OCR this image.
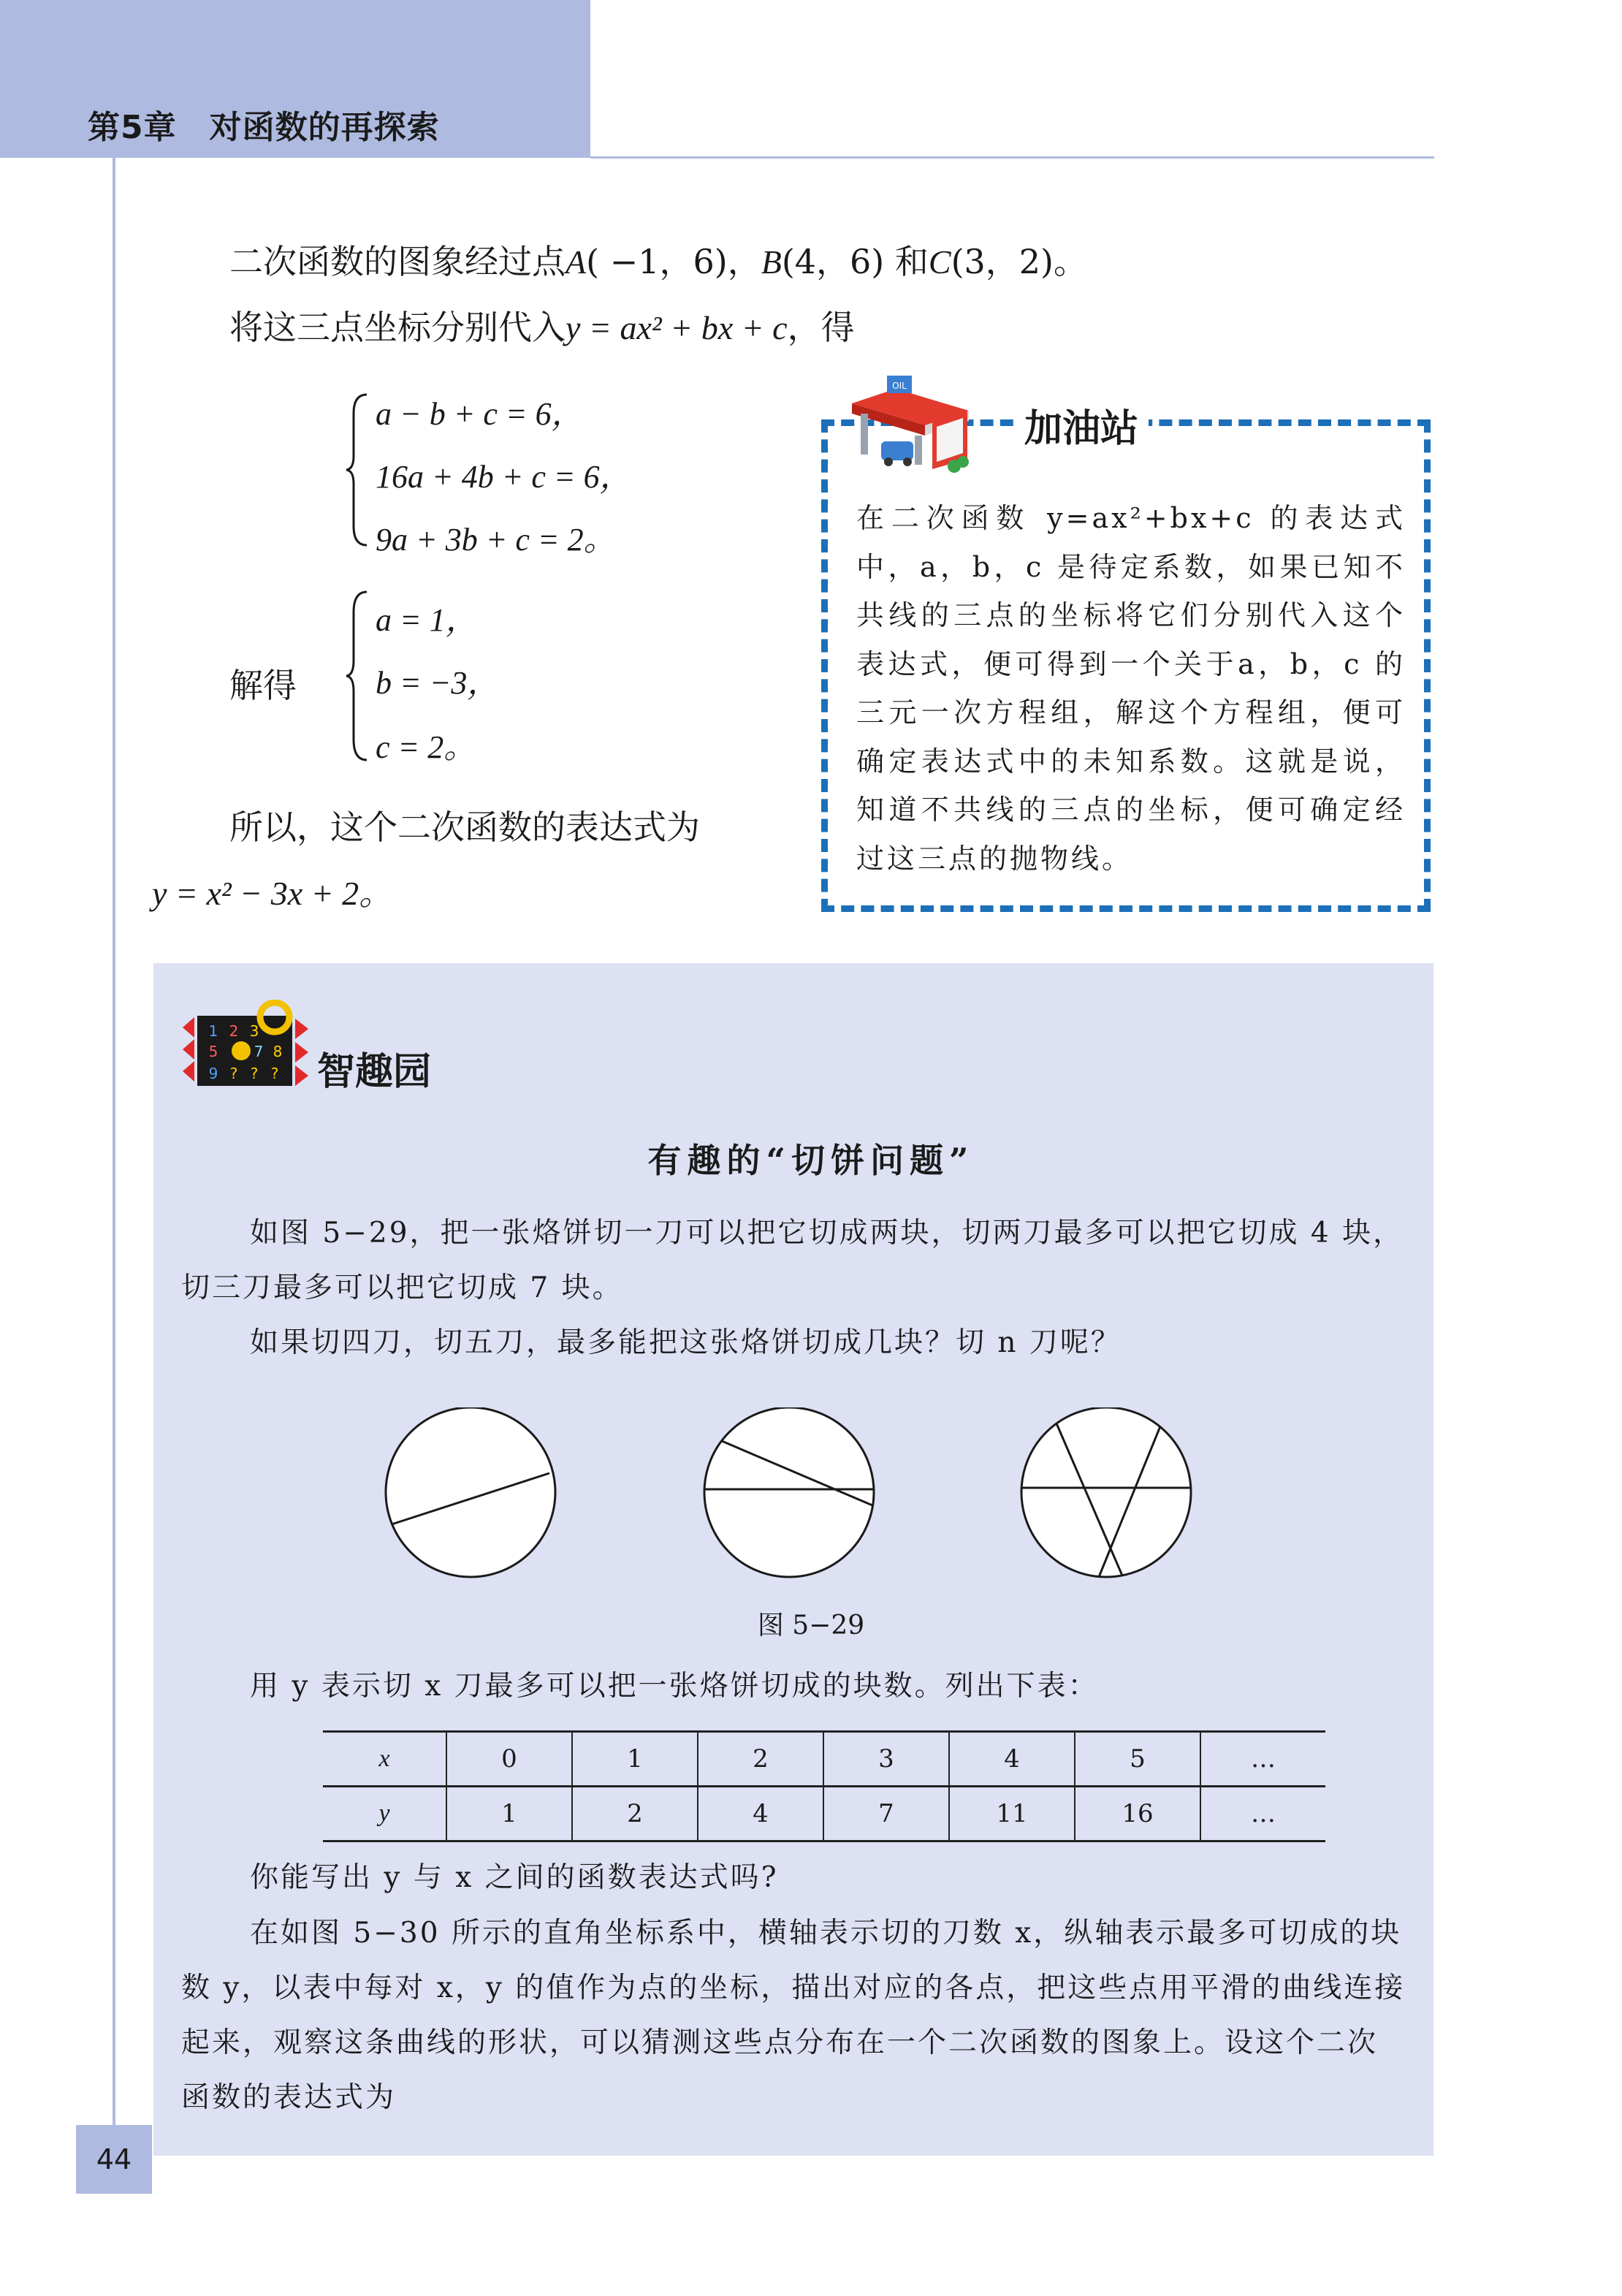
第5章　对函数的再探索
二次函数的图象经过点A( −1，6)，B(4，6) 和C(3，2)。
将这三点坐标分别代入y = ax² + bx + c，得
a − b + c = 6，
16a + 4b + c = 6，
9a + 3b + c = 2。
解得
a = 1，
b = −3，
c = 2。
所以，这个二次函数的表达式为
y = x² − 3x + 2。
OIL
加油站
在二次函数 y=ax²+bx+c 的表达式中，a，b，c 是待定系数，如果已知不共线的三点的坐标将它们分别代入这个表达式，便可得到一个关于a，b，c 的三元一次方程组，解这个方程组，便可确定表达式中的未知系数。这就是说，知道不共线的三点的坐标，便可确定经过这三点的抛物线。
1 2 3
5 7 8
9 ? ? ? 智趣园
有趣的“切饼问题”
如图 5−29，把一张烙饼切一刀可以把它切成两块，切两刀最多可以把它切成 4 块，切三刀最多可以把它切成 7 块。
如果切四刀，切五刀，最多能把这张烙饼切成几块？切 n 刀呢？
图 5−29
用 y 表示切 x 刀最多可以把一张烙饼切成的块数。列出下表：
x	0	1	2	3	4	5	…
y	1	2	4	7	11	16	…
你能写出 y 与 x 之间的函数表达式吗?
在如图 5−30 所示的直角坐标系中，横轴表示切的刀数 x，纵轴表示最多可切成的块数 y，以表中每对 x，y 的值作为点的坐标，描出对应的各点，把这些点用平滑的曲线连接起来，观察这条曲线的形状，可以猜测这些点分布在一个二次函数的图象上。设这个二次函数的表达式为
44
